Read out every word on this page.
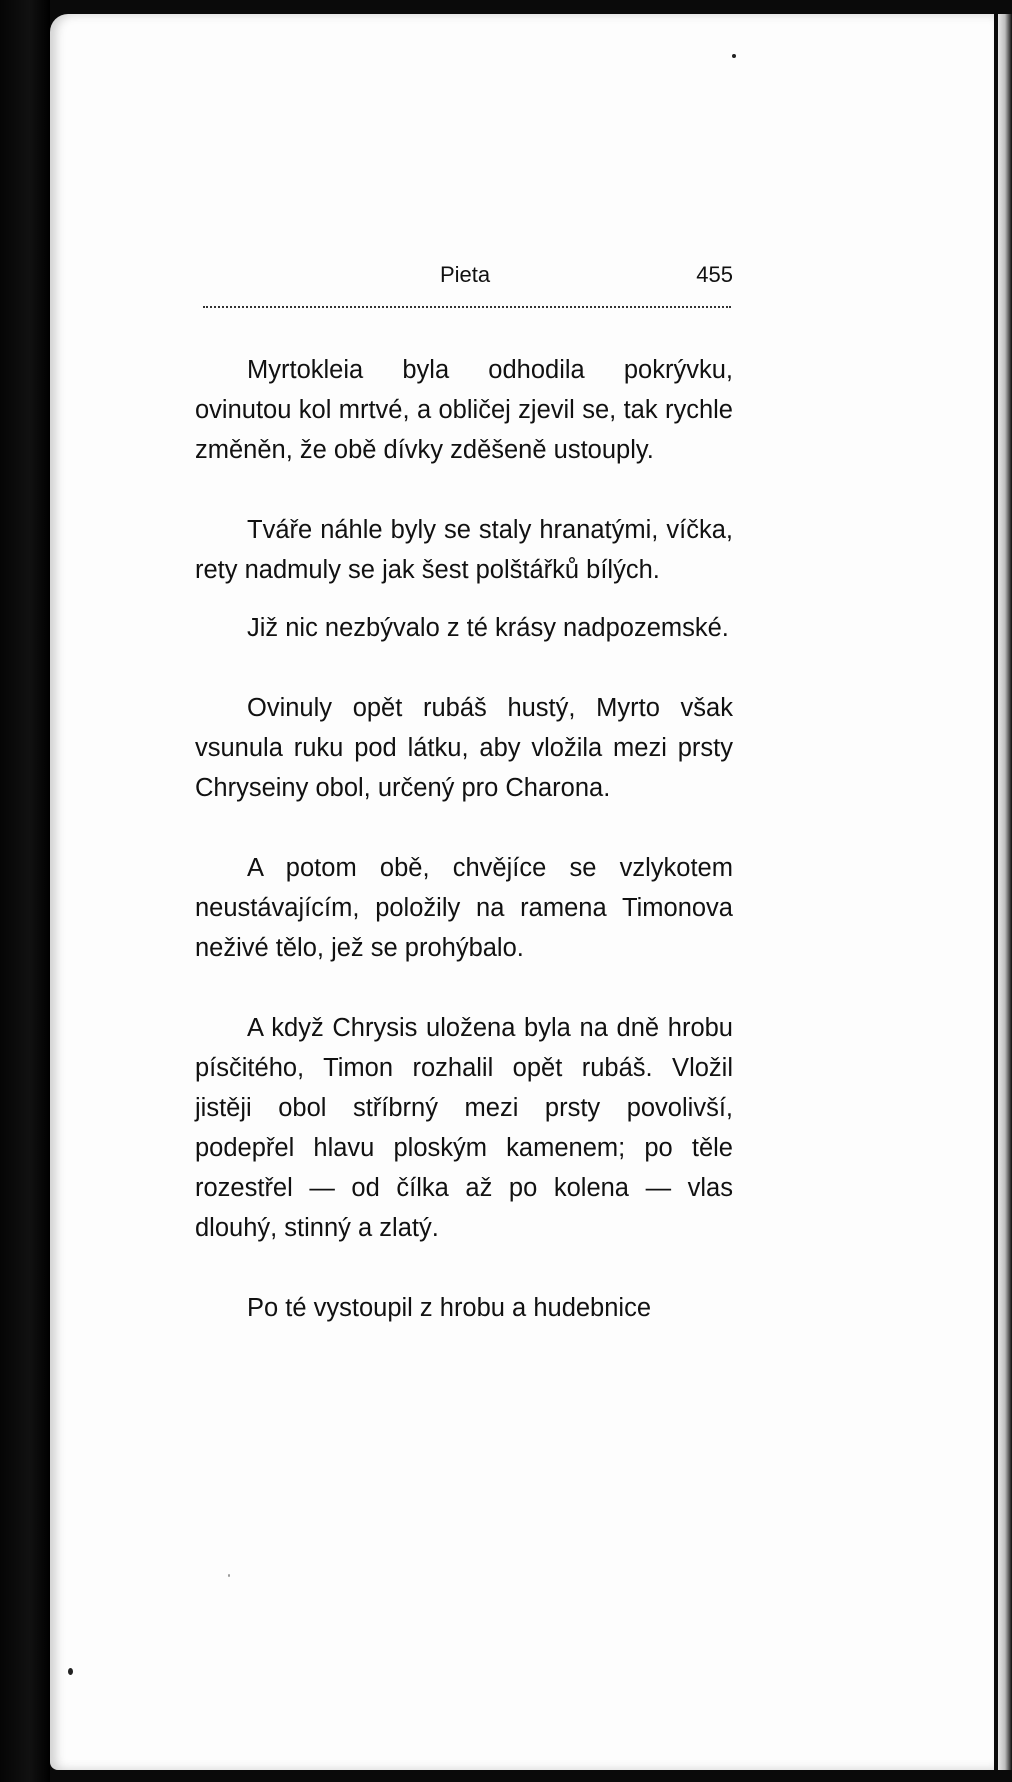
Pieta	455

Myrtokleia byla odhodila pokrývku, ovinutou kol mrtvé, a obličej zjevil se, tak rychle změněn, že obě dívky zděšeně ustouply.

Tváře náhle byly se staly hranatými, víčka, rety nadmuly se jak šest polštářků bílých.

Již nic nezbývalo z té krásy nadpozemské.

Ovinuly opět rubáš hustý, Myrto však vsunula ruku pod látku, aby vložila mezi prsty Chryseiny obol, určený pro Charona.

A potom obě, chvějíce se vzlykotem neustávajícím, položily na ramena Timonova neživé tělo, jež se prohýbalo.

A když Chrysis uložena byla na dně hrobu písčitého, Timon rozhalil opět rubáš. Vložil jistěji obol stříbrný mezi prsty povolivší, podepřel hlavu ploským kamenem; po těle rozestřel — od čílka až po kolena — vlas dlouhý, stinný a zlatý.

Po té vystoupil z hrobu a hudebnice
